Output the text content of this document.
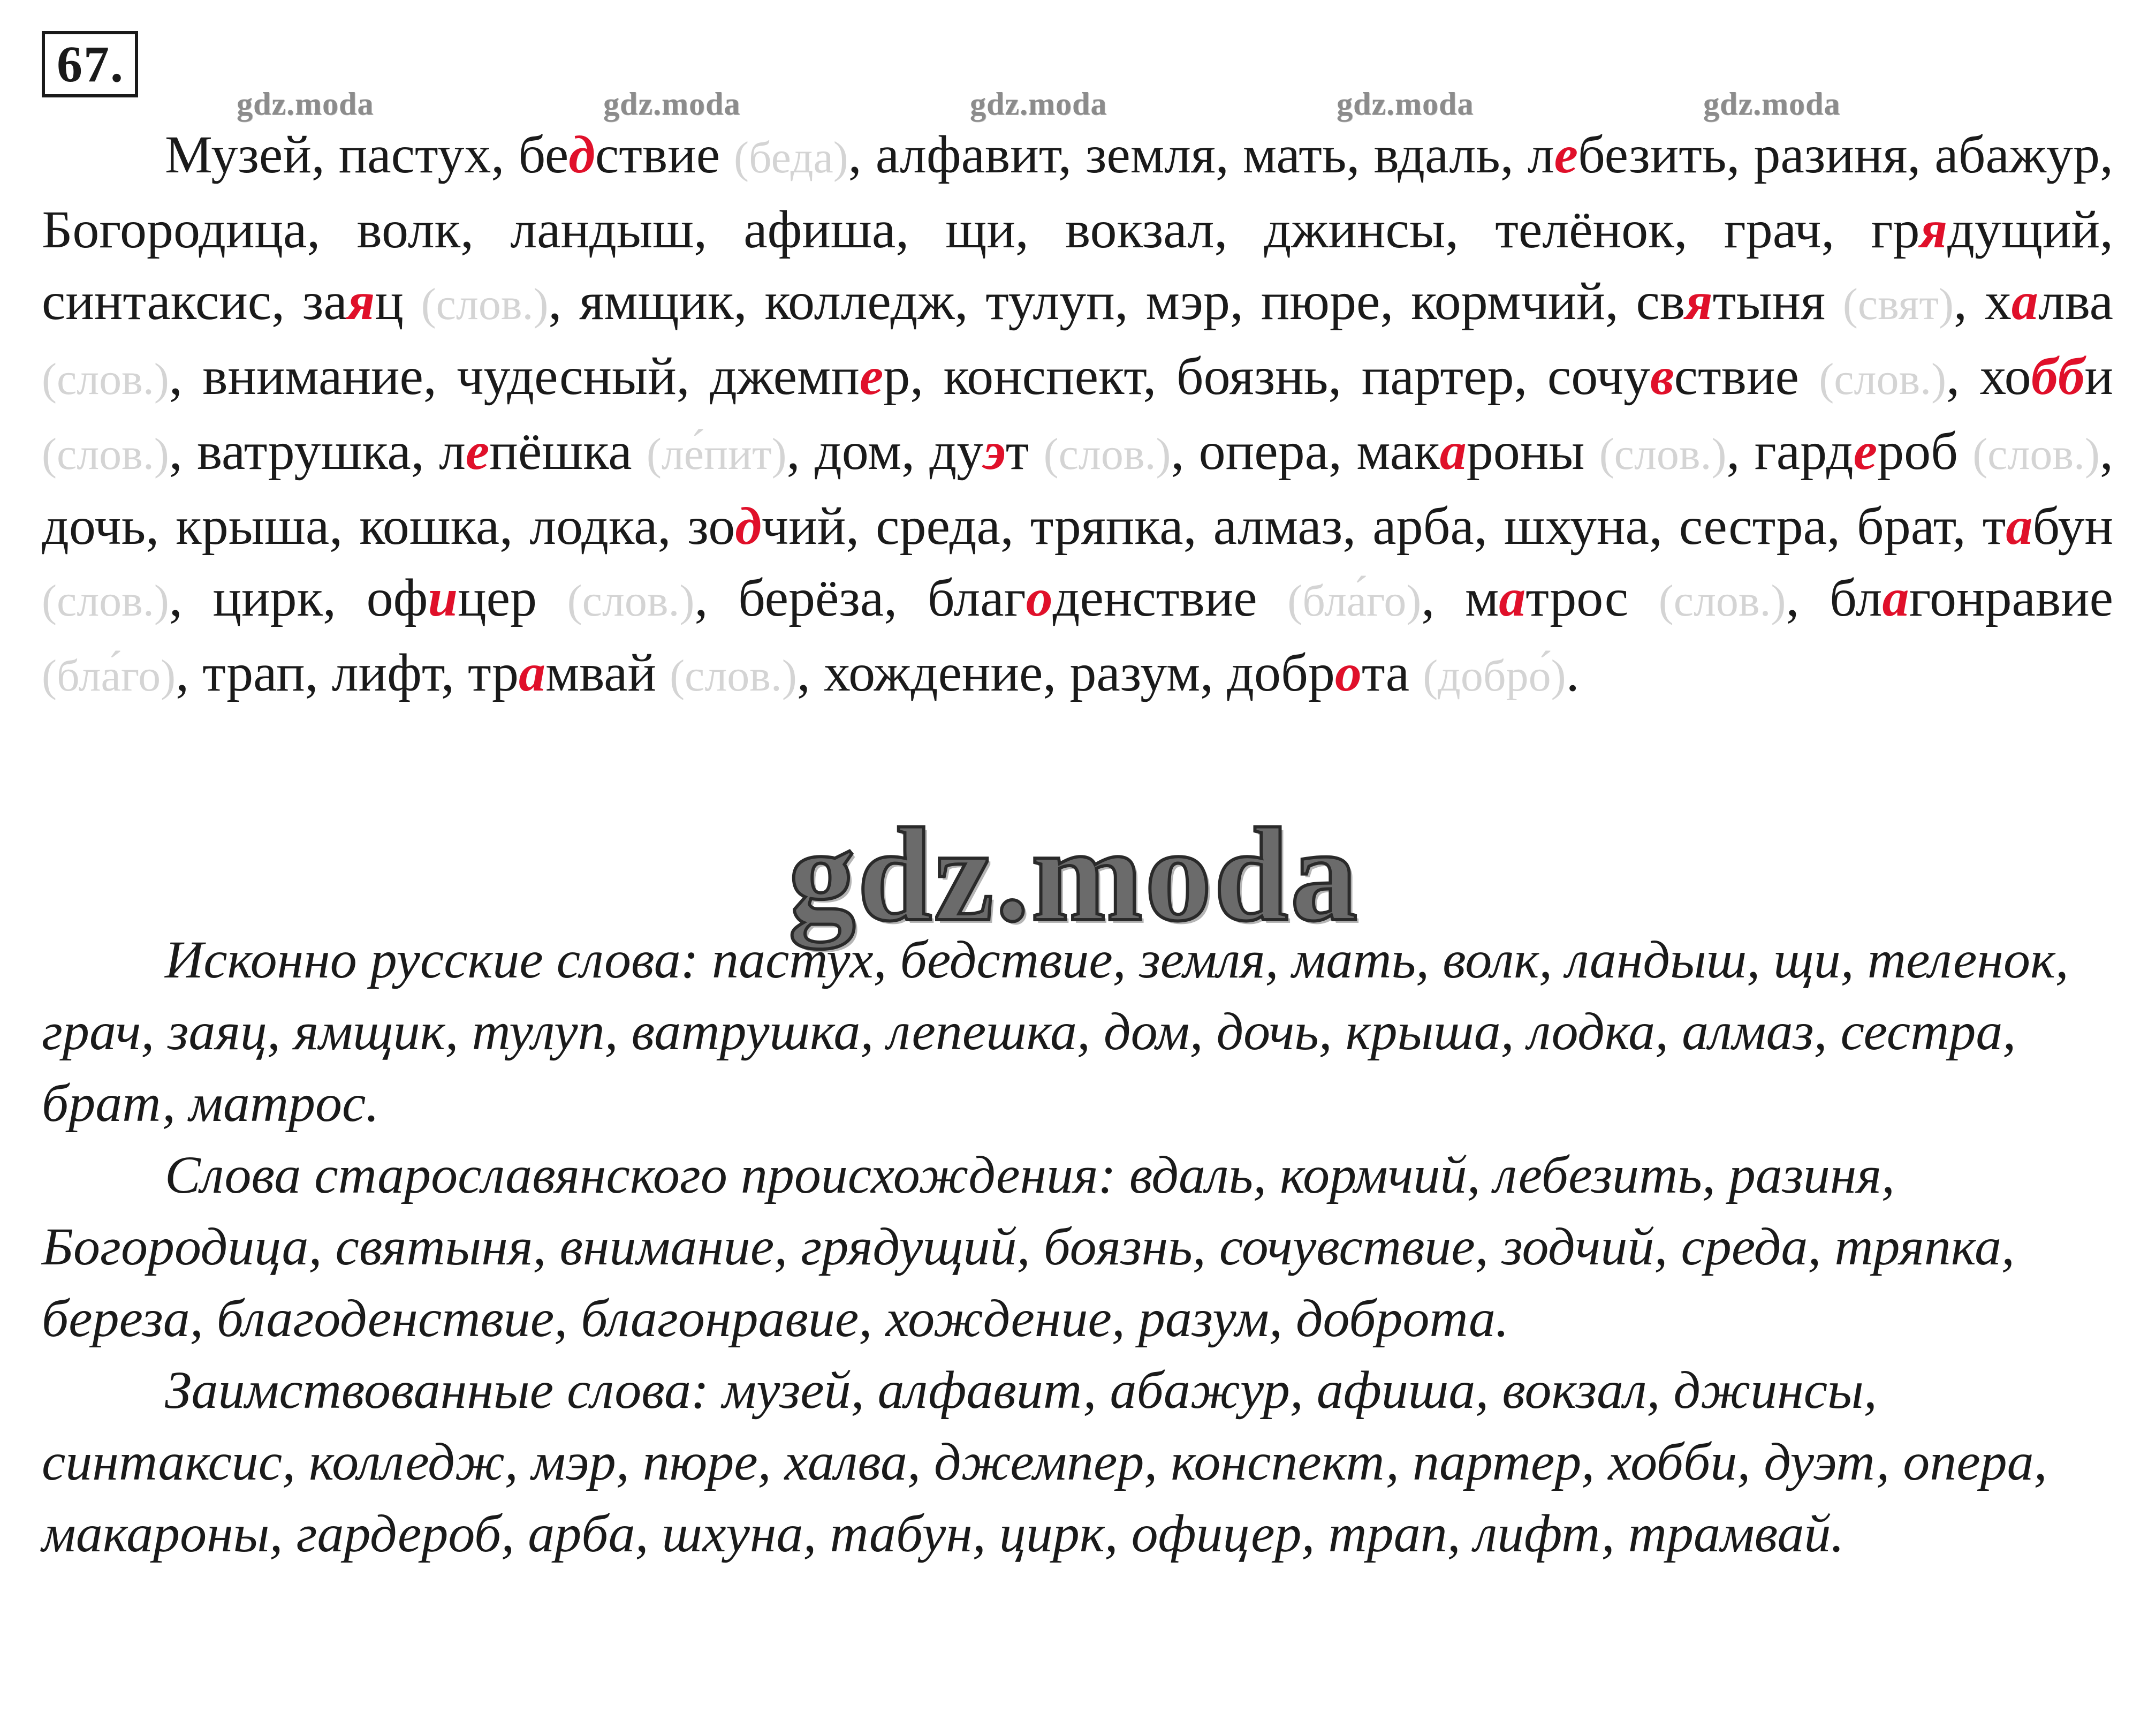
67.
gdz.moda	gdz.moda	gdz.moda	gdz.moda	gdz.moda
Музей, пастух, бедствие (беда), алфавит, земля, мать, вдаль, лебезить, разиня, абажур, Богородица, волк, ландыш, афиша, щи, вокзал, джинсы, телёнок, грач, грядущий, синтаксис, заяц (слов.), ямщик, колледж, тулуп, мэр, пюре, кормчий, святыня (свят), халва (слов.), внимание, чудесный, джемпер, конспект, боязнь, партер, сочувствие (слов.), хобби (слов.), ватрушка, лепёшка (ле́пит), дом, дуэт (слов.), опера, макароны (слов.), гардероб (слов.), дочь, крыша, кошка, лодка, зодчий, среда, тряпка, алмаз, арба, шхуна, сестра, брат, табун (слов.), цирк, офицер (слов.), берёза, благоденствие (бла́го), матрос (слов.), благонравие (бла́го), трап, лифт, трамвай (слов.), хождение, разум, доброта (добро́).
gdz.moda

Исконно русские слова: пастух, бедствие, земля, мать, волк, ландыш, щи, теленок, грач, заяц, ямщик, тулуп, ватрушка, лепешка, дом, дочь, крыша, лодка, алмаз, сестра, брат, матрос.

Слова старославянского происхождения: вдаль, кормчий, лебезить, разиня, Богородица, святыня, внимание, грядущий, боязнь, сочувствие, зодчий, среда, тряпка, береза, благоденствие, благонравие, хождение, разум, доброта.

Заимствованные слова: музей, алфавит, абажур, афиша, вокзал, джинсы, синтаксис, колледж, мэр, пюре, халва, джемпер, конспект, партер, хобби, дуэт, опера, макароны, гардероб, арба, шхуна, табун, цирк, офицер, трап, лифт, трамвай.
